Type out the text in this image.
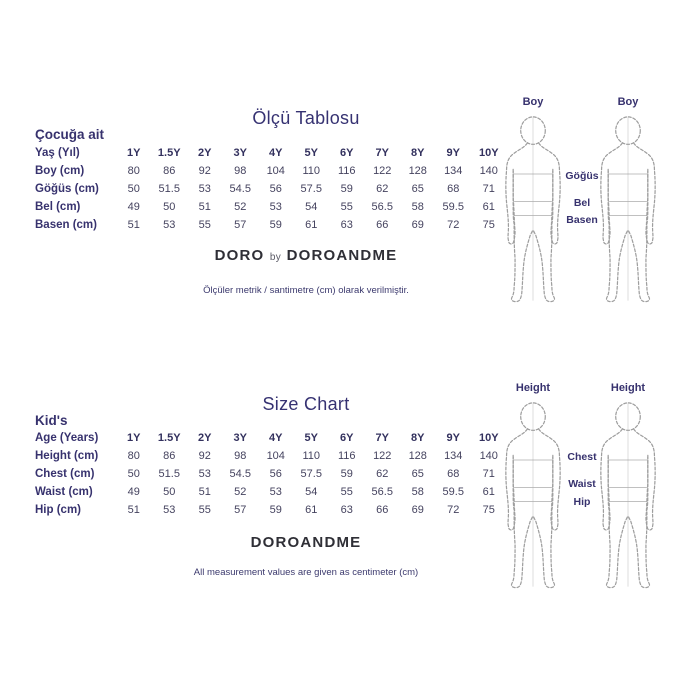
Ölçü Tablosu
Çocuğa ait
Yaş (Yıl)	1Y	1.5Y	2Y	3Y	4Y	5Y	6Y	7Y	8Y	9Y	10Y
Boy (cm)	80	86	92	98	104	110	116	122	128	134	140
Göğüs (cm)	50	51.5	53	54.5	56	57.5	59	62	65	68	71
Bel (cm)	49	50	51	52	53	54	55	56.5	58	59.5	61
Basen (cm)	51	53	55	57	59	61	63	66	69	72	75
DORO by DOROANDME
Ölçüler metrik / santimetre (cm) olarak verilmiştir.
Boy	Boy
Göğüs
Bel
Basen
Size Chart
Kid's
Age (Years)	1Y	1.5Y	2Y	3Y	4Y	5Y	6Y	7Y	8Y	9Y	10Y
Height (cm)	80	86	92	98	104	110	116	122	128	134	140
Chest (cm)	50	51.5	53	54.5	56	57.5	59	62	65	68	71
Waist (cm)	49	50	51	52	53	54	55	56.5	58	59.5	61
Hip (cm)	51	53	55	57	59	61	63	66	69	72	75
DOROANDME
All measurement values are given as centimeter (cm)
Height	Height
Chest
Waist
Hip
